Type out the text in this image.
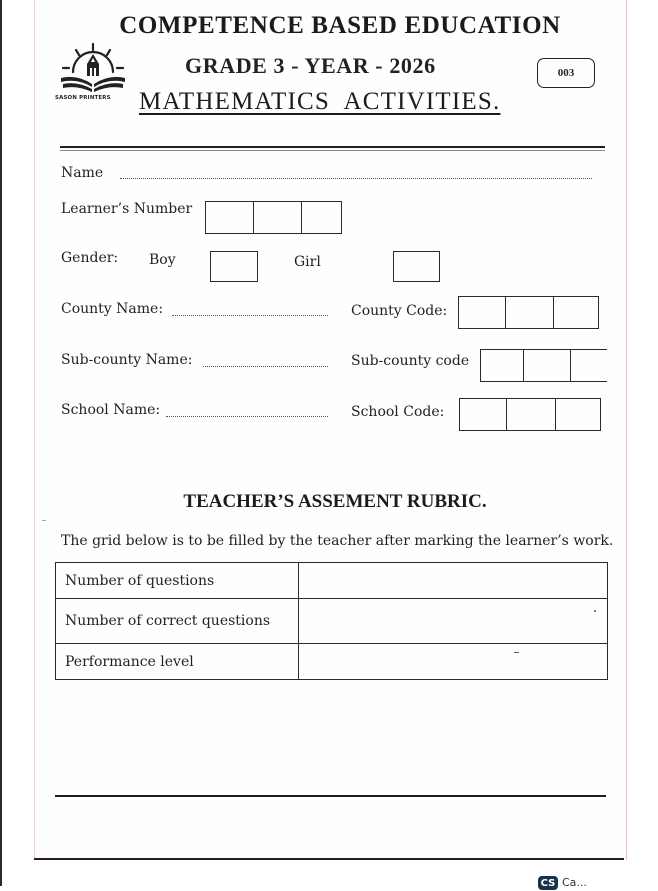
COMPETENCE BASED EDUCATION
SASON PRINTERS
GRADE 3 - YEAR - 2026	003
MATHEMATICS  ACTIVITIES.
Name
Learner’s Number
Gender: Boy	Girl
County Name:	County Code:
Sub-county Name:	Sub-county code
School Name:	School Code:
TEACHER’S ASSEMENT RUBRIC.
The grid below is to be filled by the teacher after marking the learner’s work.
Number of questions	
Number of correct questions	
Performance level	
CS Ca...
